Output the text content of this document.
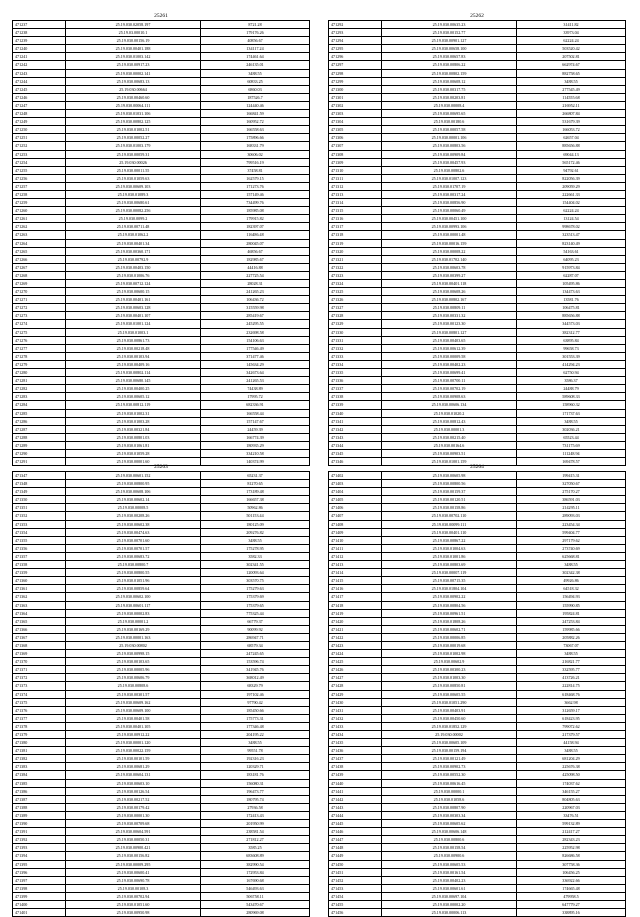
25261
471237	25.19.030.02058.197	8721.28
471238	25.19.03.00010.1	179176.26
471239	25.19.030.00156.19	40856.67
471240	25.19.030.00401.188	134117.24
471241	25.19.030.01003.142	174461.64
471242	25.19.030.00917.23	246135.01
471243	25.19.030.00002.141	3488.55
471244	25.19.030.00683.13	60833.25
471245	25.19.030.00664	6860.03
471246	25.19.030.00460.60	187526.7
471247	25.19.030.00064.111	124440.46
471248	25.19.030.01031.106	166841.59
471249	25.19.030.00802.125	160952.72
471250	25.19.030.01002.51	166558.63
471251	25.19.030.00052.27	175896.66
471252	25.19.030.01003.179	168331.79
471253	25.19.030.00059.31	30606.02
471254	25.19.030.00026	799516.19
471255	25.19.030.00011.55	37458.81
471256	25.19.030.01059.63	162579.15
471257	25.19.030.00609.103	171273.76
471258	25.19.030.01089.3	157149.46
471259	25.19.030.00680.61	734499.76
471260	25.19.030.00082.256	185985.08
471261	25.19.030.0099.2	179915.82
471262	25.19.030.00711.48	182397.07
471263	25.19.030.01062.2	116486.48
471264	25.19.030.00401.34	280045.07
471265	25.19.030.00360.171	46856.67
471266	25.19.030.00792.9	182985.67
471267	25.19.030.00403.150	44416.88
471268	25.19.030.01006.76	227725.54
471269	25.19.030.00712.124	28028.31
471270	25.19.030.00600.15	241265.23
471271	25.19.030.00401.161	106436.72
471272	25.19.030.00603.128	315559.98
471273	25.19.030.00401.107	285419.67
471274	25.19.030.01001.124	245295.55
471275	25.19.030.01003.1	232698.58
471276	25.19.030.00861.73	154106.63
471277	25.19.030.00218.48	177546.49
471278	25.19.030.00103.94	371477.46
471279	25.19.030.00409.16	145634.29
471280	25.19.030.00802.114	342673.64
471281	25.19.030.00680.145	241265.53
471282	25.19.030.00400.25	74438.89
471283	25.19.030.00605.12	17995.72
471284	25.19.030.00812.119	682336.91
471285	25.19.030.01002.31	166558.44
471286	25.19.030.01003.28	157147.67
471287	25.19.030.00321.84	24459.39
471288	25.19.030.00801.03	166774.39
471289	25.19.030.01061.81	180935.29
471290	25.19.030.01059.28	334210.58
471291	25.19.030.00001.60	140374.99
25262
471292	25.19.030.00635.23	31411.82
471293	25.19.030.00152.77	33973.04
471294	25.19.030.00901.127	62224.24
471295	25.19.030.00658.100	503520.42
471296	25.19.030.00657.83	207502.81
471297	25.19.030.00806.22	662974.67
471298	25.19.030.00802.159	882758.65
471299	25.19.030.00608.12	3488.55
471300	25.19.030.00317.75	277545.49
471301	25.19.030.00203.81	114555.68
471302	25.19.030.00008.4	216952.11
471303	25.19.030.00695.65	266807.84
471304	25.19.030.00180.6	531679.39
471305	25.19.030.00057.58	166053.72
471306	25.19.030.00001.106	62657.04
471307	25.19.030.00803.56	885656.88
471308	25.19.030.00909.84	69044.13
471309	25.19.030.00457.93	565172.46
471310	25.19.030.00802.6	94792.61
471311	25.19.030.01007.123	822056.39
471312	25.19.030.01707.19	209059.29
471313	25.19.030.00317.24	222661.33
471314	25.19.030.00856.90	154404.02
471315	25.19.030.00060.49	62224.24
471316	25.19.030.00451.100	13124.54
471317	25.19.030.00993.106	998678.02
471318	25.19.030.00001.48	323513.47
471319	25.19.030.00016.159	823140.49
471320	25.19.030.00008.22	54163.61
471321	25.19.030.01702.140	64095.23
471322	25.19.030.00603.78	915973.84
471323	25.19.030.00399.27	62287.07
471324	25.19.030.00401.118	105495.86
471325	25.19.030.00608.26	134473.63
471326	25.19.030.00802.167	13581.76
471327	25.19.030.00809.11	106475.81
471328	25.19.030.00331.32	885656.88
471329	25.19.030.00123.30	344573.03
471330	25.19.030.00801.127	382312.77
471331	25.19.030.00403.65	63895.84
471332	25.19.030.00612.39	99658.73
471333	25.19.030.00009.58	301553.39
471334	25.19.030.00402.23	414294.23
471335	25.19.030.00699.41	62750.94
471336	25.19.030.00700.11	3586.37
471337	25.19.030.00702.19	24488.79
471338	25.19.030.00908.63	589608.33
471339	25.19.030.00606.134	158960.32
471340	25.19.030.01020.2	171737.63
471341	25.19.030.00812.43	3488.55
471342	25.19.030.00001.3	302036.21
471343	25.19.030.00215.40	65523.44
471344	25.19.030.00164.6	731175.69
471345	25.19.030.00903.51	111248.94
471346	25.19.030.01001.159	169478.57
25263
471347	25.19.030.00601.152	65231.37
471348	25.19.030.00800.95	81270.65
471349	25.19.030.00608.106	173189.48
471350	25.19.030.00602.14	166657.38
471351	25.19.030.00008.5	50962.86
471352	25.19.030.00208.26	501153.44
471353	25.19.030.00602.38	180125.09
471354	25.19.030.00474.63	209276.82
471355	25.19.030.00701.60	3488.55
471356	25.19.030.00701.57	175278.95
471357	25.19.030.00683.72	3582.33
471358	25.19.030.00800.7	302341.55
471359	25.19.030.00800.55	120093.64
471360	25.19.030.01051.96	303570.75
471361	25.19.030.00859.64	175279.63
471362	25.19.030.00602.100	175379.69
471363	25.19.030.00601.117	175379.65
471364	25.19.030.00002.83	775325.44
471365	25.19.030.00001.2	66779.37
471366	25.19.030.00169.29	90099.92
471367	25.19.030.00001.163	286947.71
471368	25.19.030.00802	68579.34
471369	25.19.030.00998.15	247245.65
471370	25.19.030.00103.65	153596.74
471371	25.19.030.00005.96	341945.76
471372	25.19.030.00606.79	368012.49
471373	25.19.030.00808.6	68329.79
471374	25.19.030.00301.57	197102.46
471375	25.19.030.00609.162	97790.42
471376	25.19.030.00609.100	185450.66
471377	25.19.030.00401.58	175773.31
471378	25.19.030.00401.105	177346.48
471379	25.19.030.00912.22	204195.22
471380	25.19.030.00001.120	3488.55
471381	25.19.030.00022.159	99551.78
471382	25.19.030.00101.59	192316.23
471383	25.19.030.00681.29	120329.71
471384	25.19.030.00604.131	183181.76
471385	25.19.030.00603.10	156080.31
471386	25.19.030.00126.54	196473.77
471387	25.19.030.00217.52	180795.74
471388	25.19.030.00179.42	27936.58
471389	25.19.030.00001.30	172413.43
471390	25.19.030.00709.68	201950.99
471391	25.19.030.00604.591	238581.54
471392	25.19.030.00050.31	271812.27
471393	25.19.030.00900.421	3585.25
471394	25.19.030.00156.82	683608.89
471395	25.19.030.00009.295	382990.54
471396	25.19.030.00600.41	172953.84
471397	25.19.030.00690.78	167690.68
471398	25.19.030.00108.3	546493.63
471399	25.19.030.00702.94	506758.11
471400	25.19.030.01051.60	543470.67
471401	25.19.030.00950.98	280969.08
25264
471402	25.19.030.00605.98	199415.31
471403	25.19.030.00800.56	327050.67
471404	25.19.030.00159.37	275170.27
471405	25.19.030.00120.51	386591.03
471406	25.19.030.00158.86	214295.11
471407	25.19.030.00702.110	289093.03
471408	25.19.030.00099.111	223454.34
471409	25.19.030.00401.110	599404.77
471410	25.19.030.00867.22	297179.62
471411	25.19.030.01004.63	273740.69
471412	25.19.030.01001.86	625668.81
471413	25.19.030.00803.69	3488.55
471414	25.19.030.00007.119	302342.38
471415	25.19.030.00715.35	49926.86
471416	25.19.030.01804.104	64518.32
471417	25.19.030.00902.22	156494.93
471418	25.19.030.00804.56	155990.85
471419	25.19.030.00961.51	195824.81
471420	25.19.030.01808.26	247253.84
471421	25.19.030.00602.71	159985.66
471422	25.19.030.00006.85	205882.26
471423	25.19.030.00019.68	73067.07
471424	25.19.030.01002.98	3488.55
471425	25.19.030.00602.9	216821.77
471426	25.19.030.00300.23	332595.77
471427	25.19.030.01003.30	413726.21
471428	25.19.030.00850.81	222814.75
471429	25.19.030.00605.55	618468.76
471430	25.19.030.01051.290	3662.98
471431	25.19.030.00403.91	312659.17
471432	25.19.030.00450.60	618423.95
471433	25.19.030.01852.129	799072.62
471434	25.19.030.00002	217379.57
471435	25.19.030.00605.109	44158.94
471436	25.19.030.00159.194	3488.55
471437	25.19.030.00121.49	681204.29
471438	25.19.030.00902.73	225676.38
471439	25.19.030.00552.30	425098.50
471440	25.19.030.00616.45	174037.62
471441	25.19.030.00000.1	346155.27
471442	25.19.030.01058.6	804805.63
471443	25.19.030.00807.90	220967.03
471444	25.19.030.00303.34	33476.51
471445	25.19.030.00605.62	599132.89
471446	25.19.030.00606.148	212417.27
471447	25.19.030.00800.6	282343.23
471448	25.19.030.00158.54	225952.98
471449	25.19.030.00900.6	826686.58
471450	25.19.030.00605.53	307758.36
471451	25.19.030.00161.54	106456.25
471452	25.19.030.00402.23	336922.66
471453	25.19.030.00601.61	174665.48
471454	25.19.030.00697.104	479958.5
471455	25.19.030.00002.20	647779.27
471456	25.19.030.00006.113	338895.16
